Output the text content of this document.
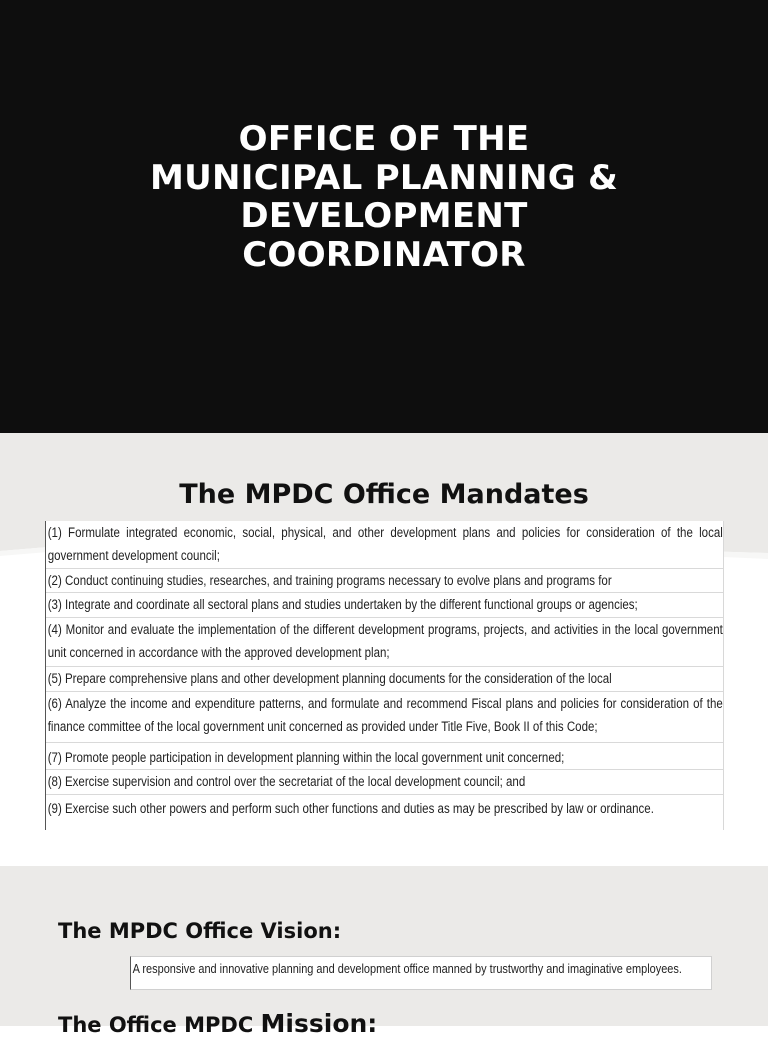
OFFICE OF THE
MUNICIPAL PLANNING &
DEVELOPMENT
COORDINATOR
The MPDC Office Mandates
(1) Formulate integrated economic, social, physical, and other development plans and policies for consideration of the local government development council;
(2) Conduct continuing studies, researches, and training programs necessary to evolve plans and programs for
(3) Integrate and coordinate all sectoral plans and studies undertaken by the different functional groups or agencies;
(4) Monitor and evaluate the implementation of the different development programs, projects, and activities in the local government unit concerned in accordance with the approved development plan;
(5) Prepare comprehensive plans and other development planning documents for the consideration of the local
(6) Analyze the income and expenditure patterns, and formulate and recommend Fiscal plans and policies for consideration of the finance committee of the local government unit concerned as provided under Title Five, Book II of this Code;
(7) Promote people participation in development planning within the local government unit concerned;
(8) Exercise supervision and control over the secretariat of the local development council; and
(9) Exercise such other powers and perform such other functions and duties as may be prescribed by law or ordinance.
The MPDC Office Vision:
A responsive and innovative planning and development office manned by trustworthy and imaginative employees.
The Office MPDC Mission:
